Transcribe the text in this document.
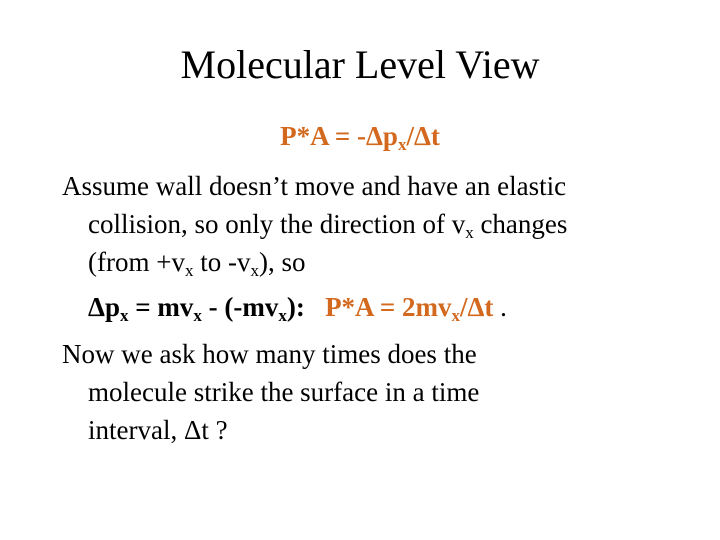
Molecular Level View
$P*A = -\Delta p_x/\Delta t$
Assume wall doesn’t move and have an elastic
collision, so only the direction of $v_x$ changes
(from $+v_x$ to $-v_x$), so
$\Delta p_x = mv_x - (-mv_x)$:   $P*A = 2mv_x/\Delta t$ .
Now we ask how many times does the
molecule strike the surface in a time
interval, Δt ?
